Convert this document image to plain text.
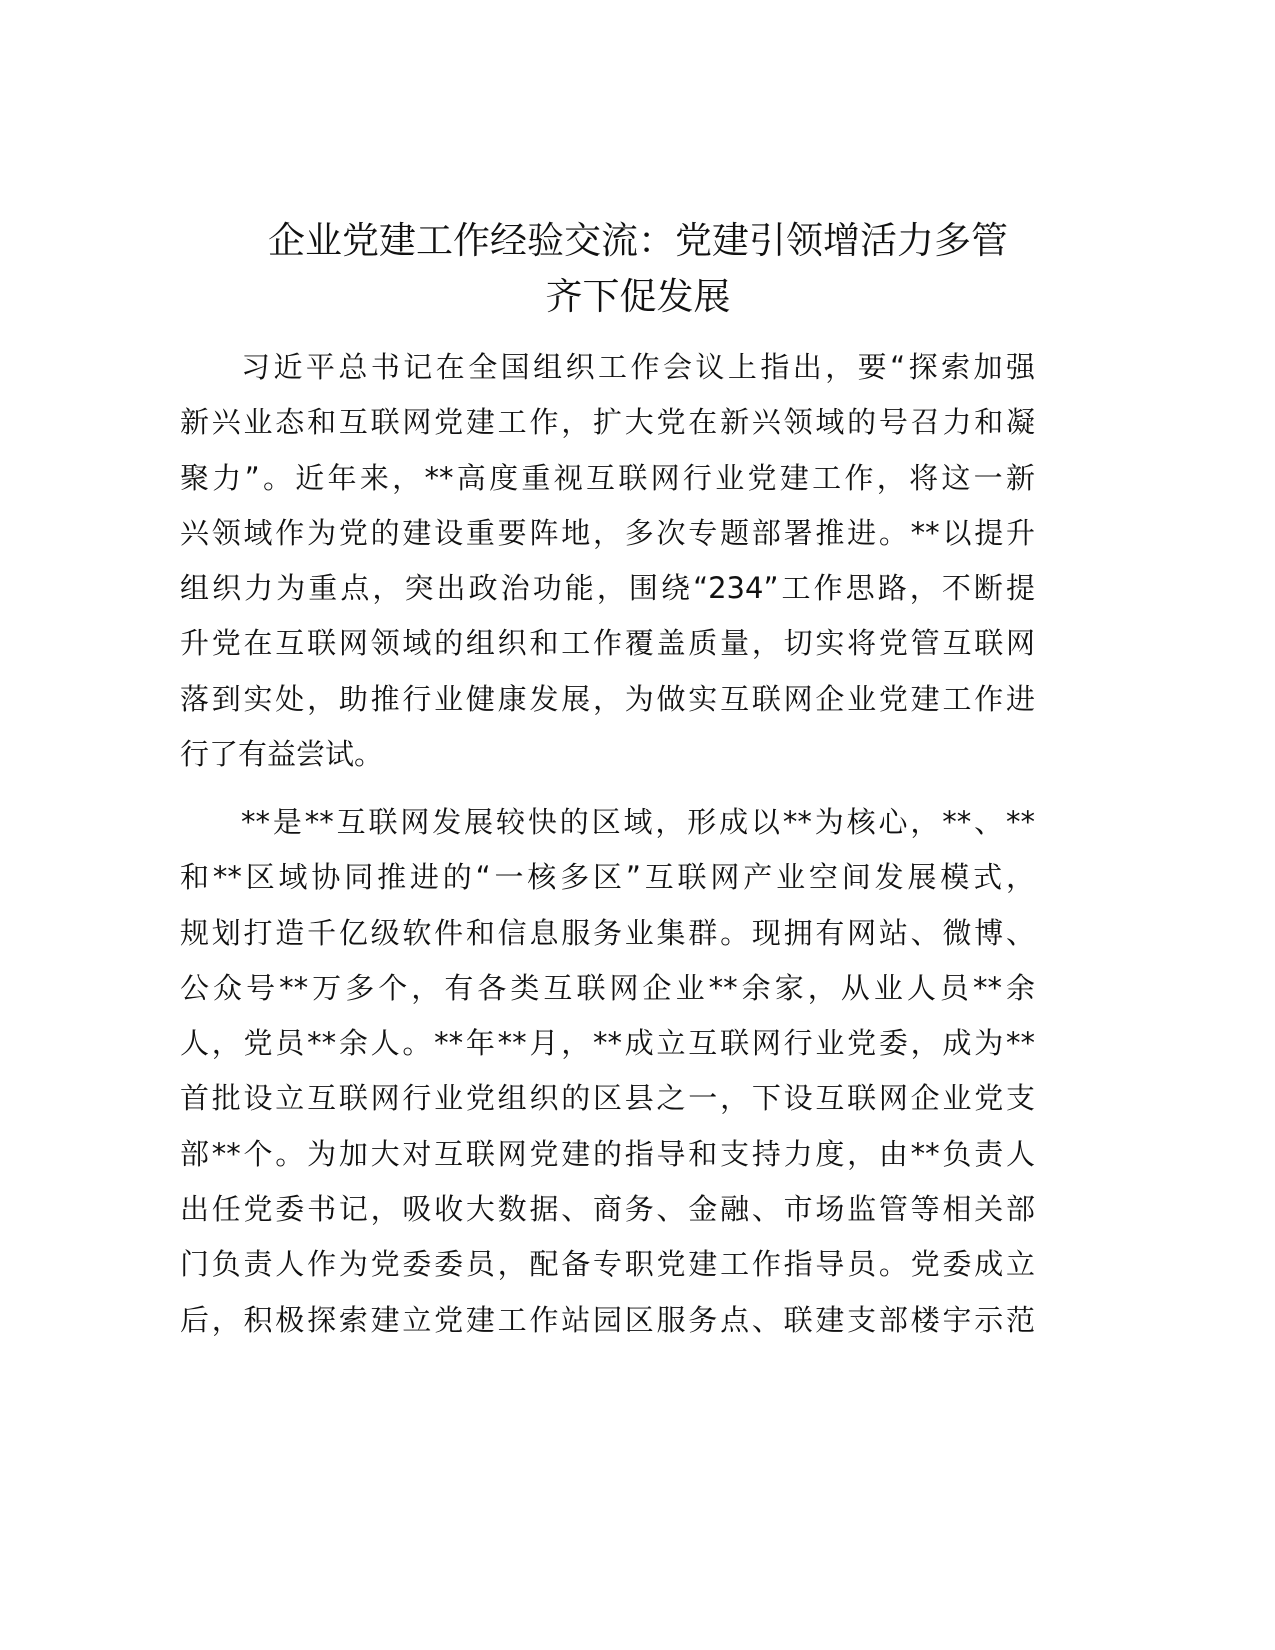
企业党建工作经验交流：党建引领增活力多管
齐下促发展
习近平总书记在全国组织工作会议上指出，要“探索加强
新兴业态和互联网党建工作，扩大党在新兴领域的号召力和凝
聚力”。近年来，**高度重视互联网行业党建工作，将这一新
兴领域作为党的建设重要阵地，多次专题部署推进。**以提升
组织力为重点，突出政治功能，围绕“234”工作思路，不断提
升党在互联网领域的组织和工作覆盖质量，切实将党管互联网
落到实处，助推行业健康发展，为做实互联网企业党建工作进
行了有益尝试。
**是**互联网发展较快的区域，形成以**为核心，**、**
和**区域协同推进的“一核多区”互联网产业空间发展模式，
规划打造千亿级软件和信息服务业集群。现拥有网站、微博、
公众号**万多个，有各类互联网企业**余家，从业人员**余
人，党员**余人。**年**月，**成立互联网行业党委，成为**
首批设立互联网行业党组织的区县之一，下设互联网企业党支
部**个。为加大对互联网党建的指导和支持力度，由**负责人
出任党委书记，吸收大数据、商务、金融、市场监管等相关部
门负责人作为党委委员，配备专职党建工作指导员。党委成立
后，积极探索建立党建工作站园区服务点、联建支部楼宇示范
